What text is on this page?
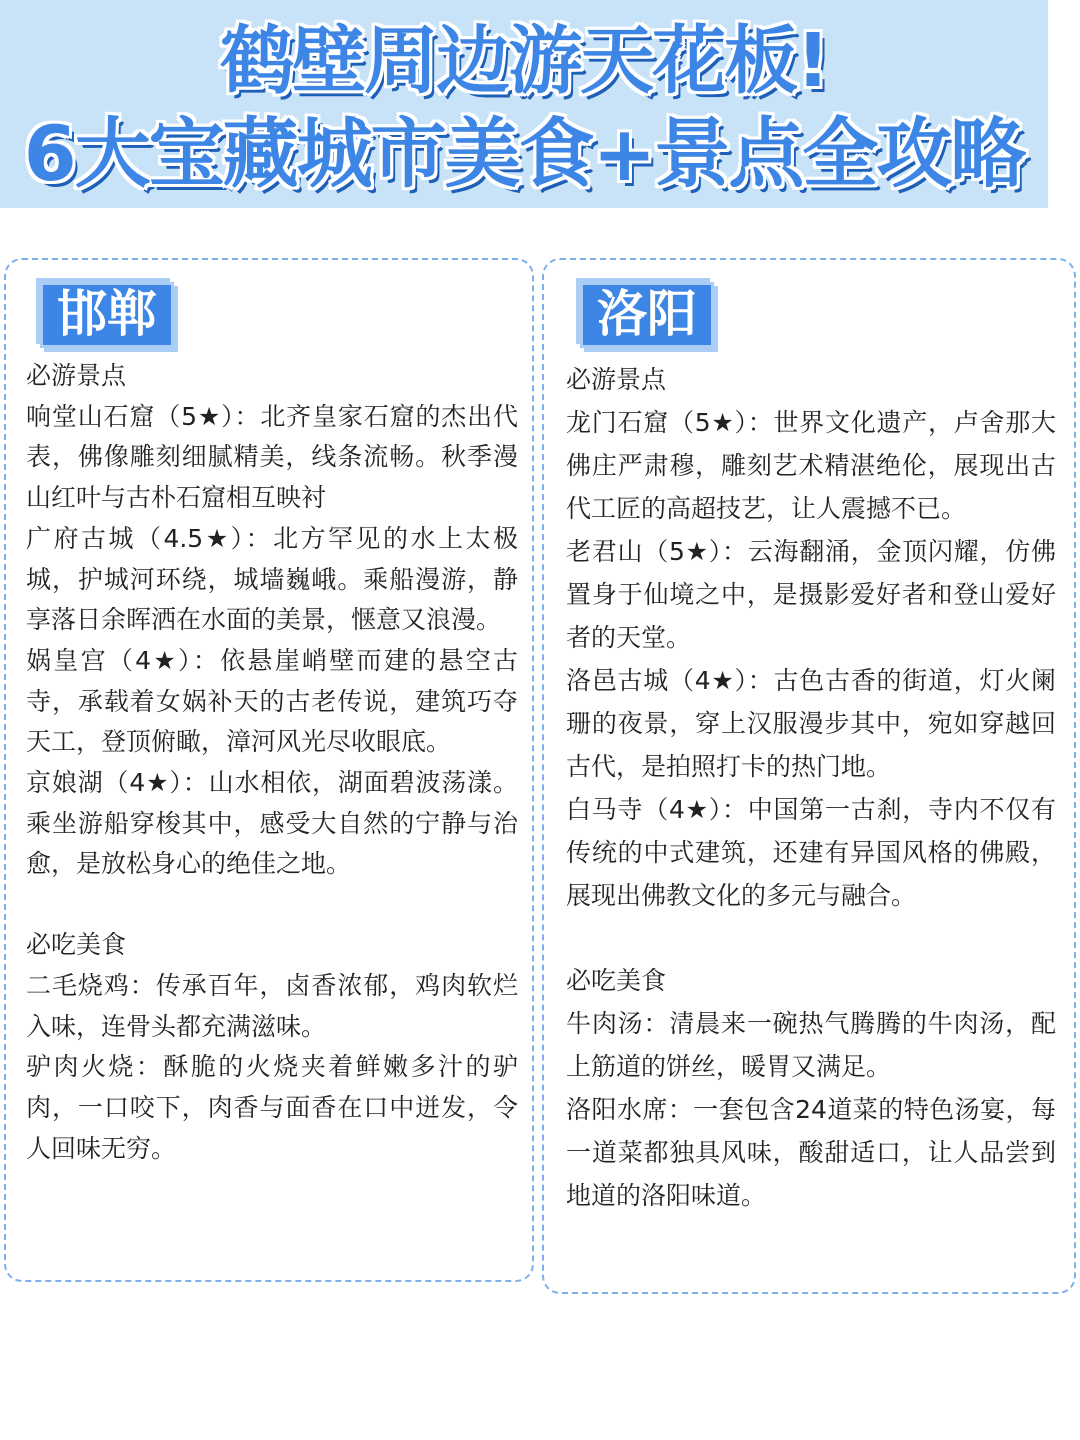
鹤壁周边游天花板!
6大宝藏城市美食+景点全攻略
邯郸

必游景点

响堂山石窟（5★）：北齐皇家石窟的杰出代表，佛像雕刻细腻精美，线条流畅。秋季漫山红叶与古朴石窟相互映衬

广府古城（4.5★）：北方罕见的水上太极城，护城河环绕，城墙巍峨。乘船漫游，静享落日余晖洒在水面的美景，惬意又浪漫。

娲皇宫（4★）：依悬崖峭壁而建的悬空古寺，承载着女娲补天的古老传说，建筑巧夺天工，登顶俯瞰，漳河风光尽收眼底。

京娘湖（4★）：山水相依，湖面碧波荡漾。乘坐游船穿梭其中，感受大自然的宁静与治愈，是放松身心的绝佳之地。

必吃美食

二毛烧鸡：传承百年，卤香浓郁，鸡肉软烂入味，连骨头都充满滋味。

驴肉火烧：酥脆的火烧夹着鲜嫩多汁的驴肉，一口咬下，肉香与面香在口中迸发，令人回味无穷。

洛阳

必游景点

龙门石窟（5★）：世界文化遗产，卢舍那大佛庄严肃穆，雕刻艺术精湛绝伦，展现出古代工匠的高超技艺，让人震撼不已。

老君山（5★）：云海翻涌，金顶闪耀，仿佛置身于仙境之中，是摄影爱好者和登山爱好者的天堂。

洛邑古城（4★）：古色古香的街道，灯火阑珊的夜景，穿上汉服漫步其中，宛如穿越回古代，是拍照打卡的热门地。

白马寺（4★）：中国第一古刹，寺内不仅有传统的中式建筑，还建有异国风格的佛殿，展现出佛教文化的多元与融合。

必吃美食

牛肉汤：清晨来一碗热气腾腾的牛肉汤，配上筋道的饼丝，暖胃又满足。

洛阳水席：一套包含24道菜的特色汤宴，每一道菜都独具风味，酸甜适口，让人品尝到地道的洛阳味道。
